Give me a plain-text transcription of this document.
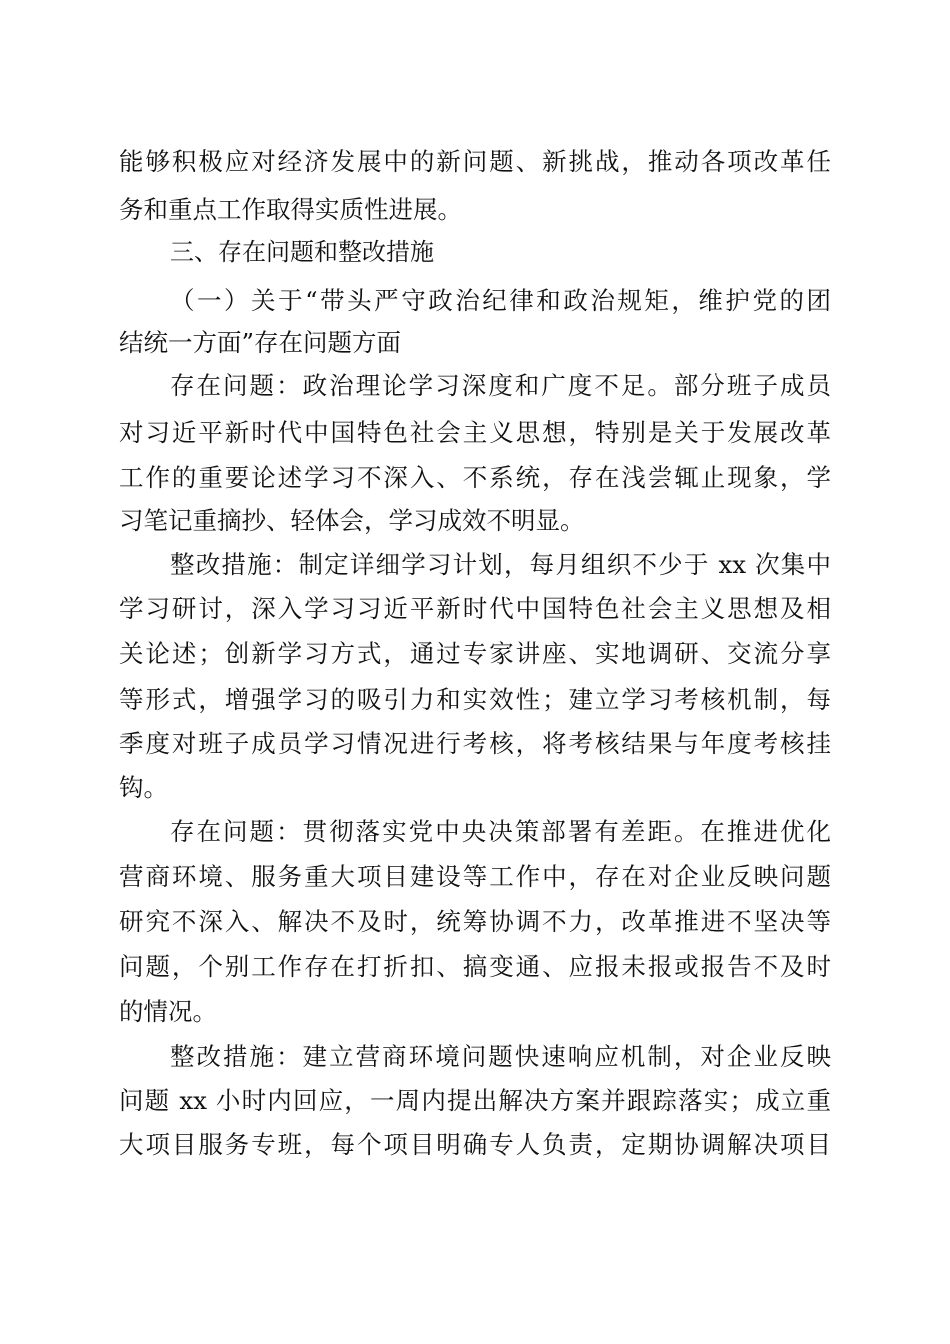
能够积极应对经济发展中的新问题、新挑战，推动各项改革任
务和重点工作取得实质性进展。
三、存在问题和整改措施
（一）关于“带头严守政治纪律和政治规矩，维护党的团
结统一方面”存在问题方面
存在问题：政治理论学习深度和广度不足。部分班子成员
对习近平新时代中国特色社会主义思想，特别是关于发展改革
工作的重要论述学习不深入、不系统，存在浅尝辄止现象，学
习笔记重摘抄、轻体会，学习成效不明显。
整改措施：制定详细学习计划，每月组织不少于 xx 次集中
学习研讨，深入学习习近平新时代中国特色社会主义思想及相
关论述；创新学习方式，通过专家讲座、实地调研、交流分享
等形式，增强学习的吸引力和实效性；建立学习考核机制，每
季度对班子成员学习情况进行考核，将考核结果与年度考核挂
钩。
存在问题：贯彻落实党中央决策部署有差距。在推进优化
营商环境、服务重大项目建设等工作中，存在对企业反映问题
研究不深入、解决不及时，统筹协调不力，改革推进不坚决等
问题，个别工作存在打折扣、搞变通、应报未报或报告不及时
的情况。
整改措施：建立营商环境问题快速响应机制，对企业反映
问题 xx 小时内回应，一周内提出解决方案并跟踪落实；成立重
大项目服务专班，每个项目明确专人负责，定期协调解决项目
